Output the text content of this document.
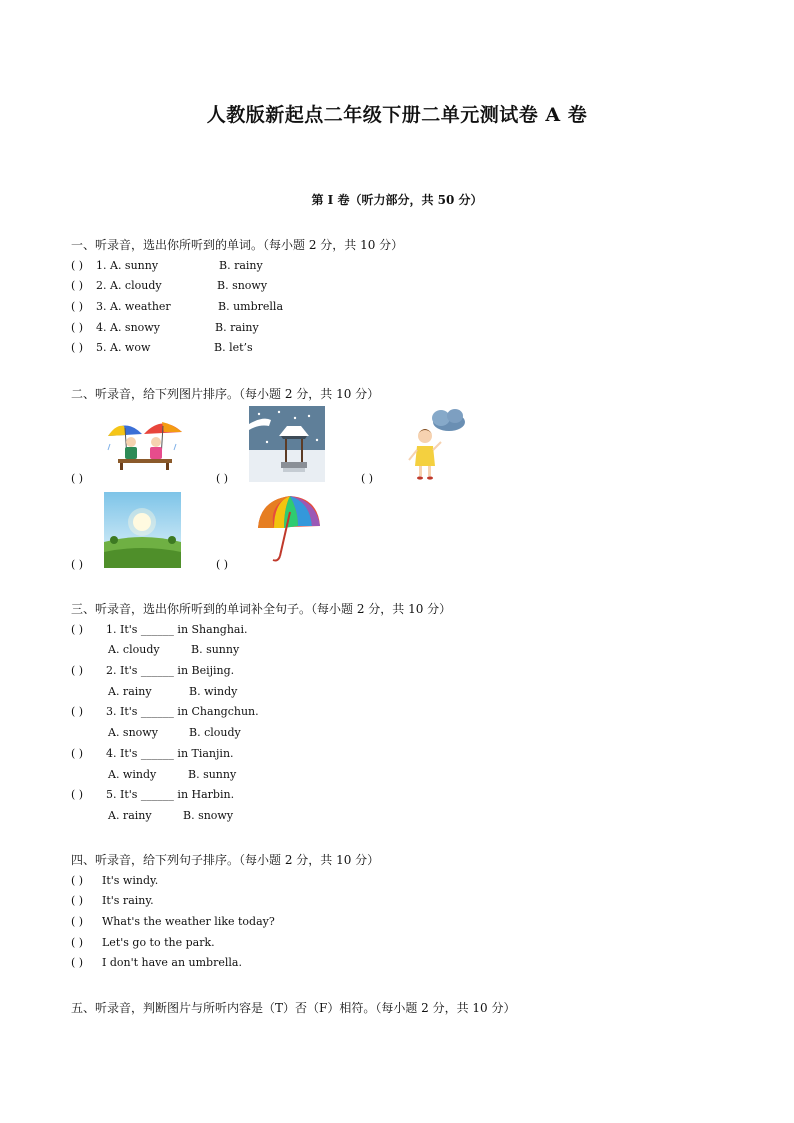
人教版新起点二年级下册二单元测试卷 A 卷
第 I 卷（听力部分，共 50 分）
一、听录音，选出你所听到的单词。（每小题 2 分，共 10 分）
( ) 1. A. sunny	B. rainy
( ) 2. A. cloudy	B. snowy
( ) 3. A. weather	B. umbrella
( ) 4. A. snowy	B. rainy
( ) 5. A. wow	B. let’s
二、听录音，给下列图片排序。（每小题 2 分，共 10 分）
( )	( )	( )
( )	( )
三、听录音，选出你所听到的单词补全句子。（每小题 2 分，共 10 分）
( ) 1. It's ______ in Shanghai.
A. cloudy	B. sunny
( ) 2. It's ______ in Beijing.
A. rainy	B. windy
( ) 3. It's ______ in Changchun.
A. snowy	B. cloudy
( ) 4. It's ______ in Tianjin.
A. windy	B. sunny
( ) 5. It's ______ in Harbin.
A. rainy	B. snowy
四、听录音，给下列句子排序。（每小题 2 分，共 10 分）
( ) It's windy.
( ) It's rainy.
( ) What's the weather like today?
( ) Let's go to the park.
( ) I don't have an umbrella.
五、听录音，判断图片与所听内容是（T）否（F）相符。（每小题 2 分，共 10 分）
